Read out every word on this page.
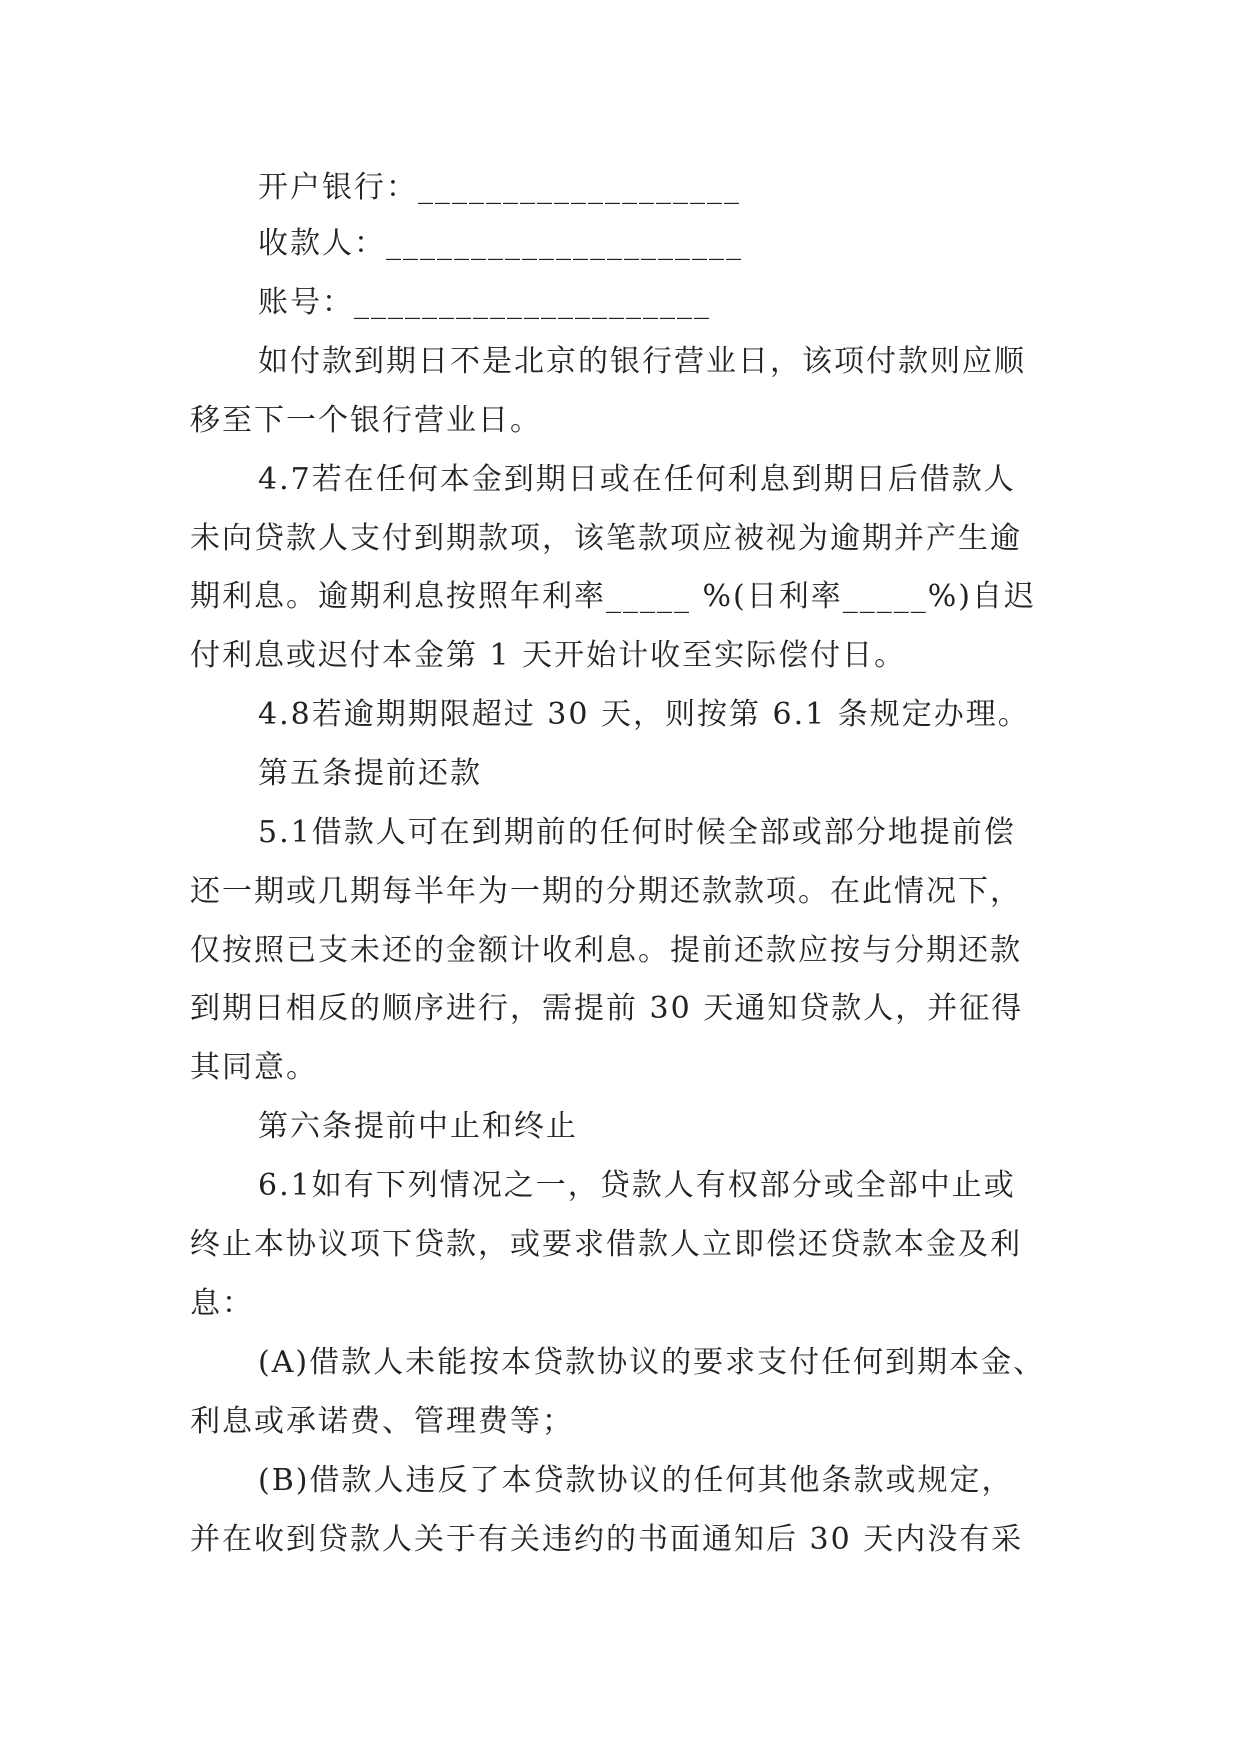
开户银行：___________________
收款人：_____________________
账号：_____________________
如付款到期日不是北京的银行营业日，该项付款则应顺
移至下一个银行营业日。
4.7若在任何本金到期日或在任何利息到期日后借款人
未向贷款人支付到期款项，该笔款项应被视为逾期并产生逾
期利息。逾期利息按照年利率_____ %(日利率_____%)自迟
付利息或迟付本金第 1 天开始计收至实际偿付日。
4.8若逾期期限超过 30 天，则按第 6.1 条规定办理。
第五条提前还款
5.1借款人可在到期前的任何时候全部或部分地提前偿
还一期或几期每半年为一期的分期还款款项。在此情况下，
仅按照已支未还的金额计收利息。提前还款应按与分期还款
到期日相反的顺序进行，需提前 30 天通知贷款人，并征得
其同意。
第六条提前中止和终止
6.1如有下列情况之一，贷款人有权部分或全部中止或
终止本协议项下贷款，或要求借款人立即偿还贷款本金及利
息：
(A)借款人未能按本贷款协议的要求支付任何到期本金、
利息或承诺费、管理费等；
(B)借款人违反了本贷款协议的任何其他条款或规定，
并在收到贷款人关于有关违约的书面通知后 30 天内没有采
